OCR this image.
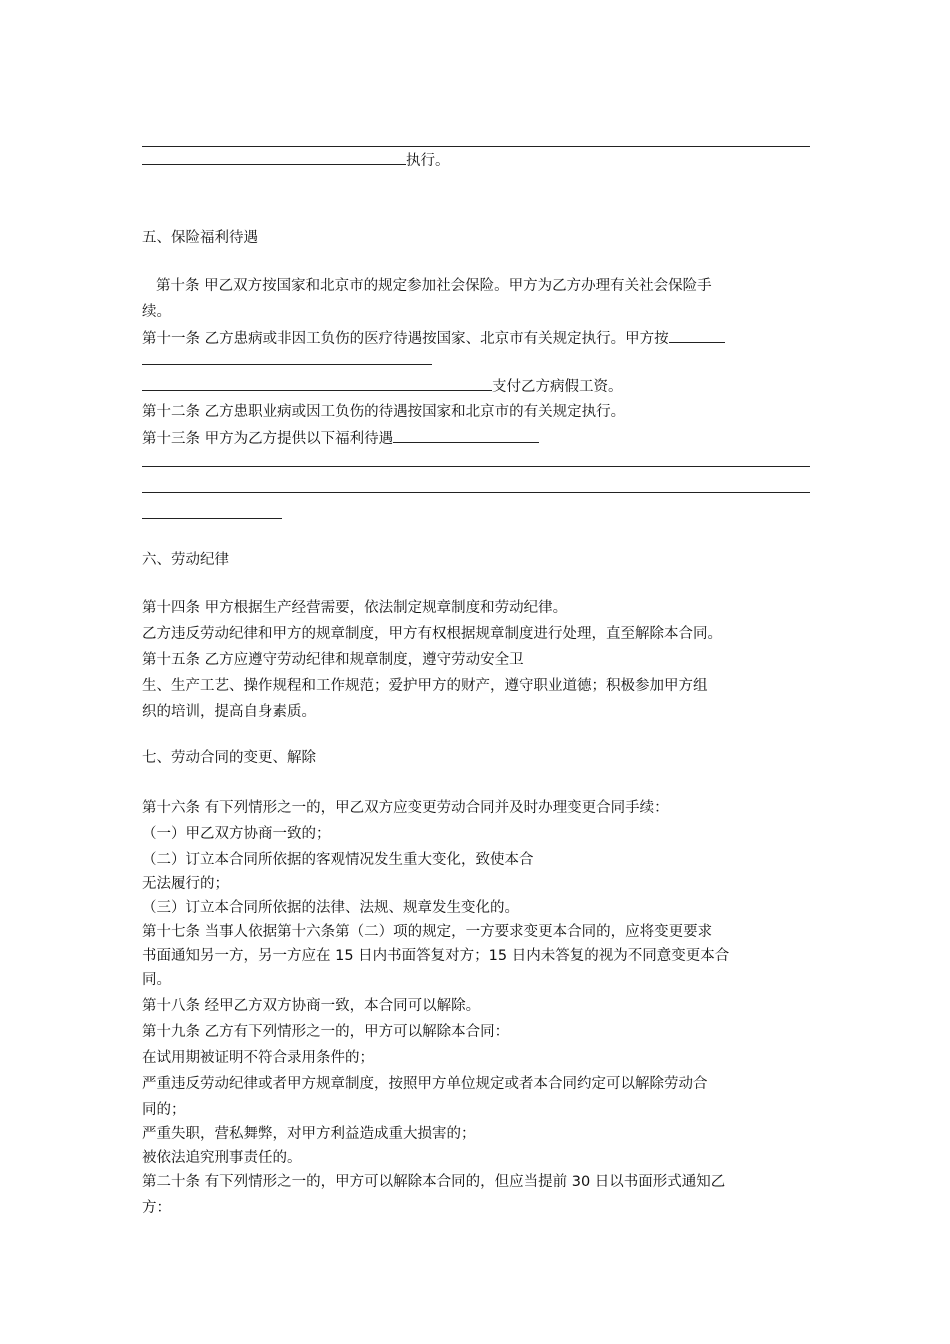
执行。
五、保险福利待遇
第十条 甲乙双方按国家和北京市的规定参加社会保险。甲方为乙方办理有关社会保险手
续。
第十一条 乙方患病或非因工负伤的医疗待遇按国家、北京市有关规定执行。甲方按
支付乙方病假工资。
第十二条 乙方患职业病或因工负伤的待遇按国家和北京市的有关规定执行。
第十三条 甲方为乙方提供以下福利待遇
六、劳动纪律
第十四条 甲方根据生产经营需要，依法制定规章制度和劳动纪律。
乙方违反劳动纪律和甲方的规章制度，甲方有权根据规章制度进行处理，直至解除本合同。
第十五条 乙方应遵守劳动纪律和规章制度，遵守劳动安全卫
生、生产工艺、操作规程和工作规范；爱护甲方的财产，遵守职业道德；积极参加甲方组
织的培训，提高自身素质。
七、劳动合同的变更、解除
第十六条 有下列情形之一的，甲乙双方应变更劳动合同并及时办理变更合同手续：
（一）甲乙双方协商一致的；
（二）订立本合同所依据的客观情况发生重大变化，致使本合
无法履行的；
（三）订立本合同所依据的法律、法规、规章发生变化的。
第十七条 当事人依据第十六条第（二）项的规定，一方要求变更本合同的，应将变更要求
书面通知另一方，另一方应在 15 日内书面答复对方；15 日内未答复的视为不同意变更本合
同。
第十八条 经甲乙方双方协商一致，本合同可以解除。
第十九条 乙方有下列情形之一的，甲方可以解除本合同：
在试用期被证明不符合录用条件的；
严重违反劳动纪律或者甲方规章制度，按照甲方单位规定或者本合同约定可以解除劳动合
同的；
严重失职，营私舞弊，对甲方利益造成重大损害的；
被依法追究刑事责任的。
第二十条 有下列情形之一的，甲方可以解除本合同的，但应当提前 30 日以书面形式通知乙
方：
